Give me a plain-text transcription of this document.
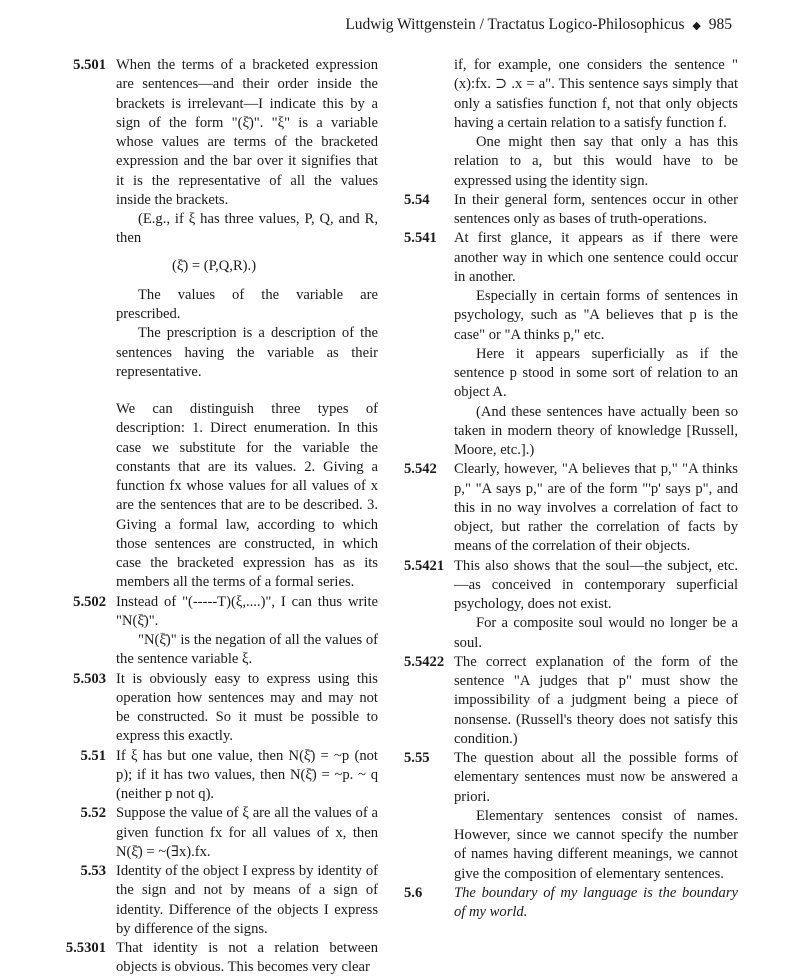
Ludwig Wittgenstein / Tractatus Logico-Philosophicus ◆ 985
5.501 When the terms of a bracketed expression are sentences—and their order inside the brackets is irrelevant—I indicate this by a sign of the form "(ξ̄)". "ξ" is a variable whose values are terms of the bracketed expression and the bar over it signifies that it is the representative of all the values inside the brackets.

(E.g., if ξ has three values, P, Q, and R, then

(ξ̄) = (P,Q,R).)

The values of the variable are prescribed.

The prescription is a description of the sentences having the variable as their representative.

We can distinguish three types of description: 1. Direct enumeration. In this case we substitute for the variable the constants that are its values. 2. Giving a function fx whose values for all values of x are the sentences that are to be described. 3. Giving a formal law, according to which those sentences are constructed, in which case the bracketed expression has as its members all the terms of a formal series.

5.502 Instead of "(-----T)(ξ,....)", I can thus write "N(ξ̄)".

"N(ξ̄)" is the negation of all the values of the sentence variable ξ.

5.503 It is obviously easy to express using this operation how sentences may and may not be constructed. So it must be possible to express this exactly.

5.51 If ξ has but one value, then N(ξ̄) = ~p (not p); if it has two values, then N(ξ̄) = ~p. ~ q (neither p not q).

5.52 Suppose the value of ξ are all the values of a given function fx for all values of x, then N(ξ̄) = ~(∃x).fx.

5.53 Identity of the object I express by identity of the sign and not by means of a sign of identity. Difference of the objects I express by difference of the signs.

5.5301 That identity is not a relation between objects is obvious. This becomes very clear

if, for example, one considers the sentence "(x):fx. ⊃ .x = a". This sentence says simply that only a satisfies function f, not that only objects having a certain relation to a satisfy function f.

One might then say that only a has this relation to a, but this would have to be expressed using the identity sign.

5.54	In their general form, sentences occur in other sentences only as bases of truth-operations.

5.541	At first glance, it appears as if there were another way in which one sentence could occur in another.

Especially in certain forms of sentences in psychology, such as "A believes that p is the case" or "A thinks p," etc.

Here it appears superficially as if the sentence p stood in some sort of relation to an object A.

(And these sentences have actually been so taken in modern theory of knowledge [Russell, Moore, etc.].)

5.542	Clearly, however, "A believes that p," "A thinks p," "A says p," are of the form "'p' says p", and this in no way involves a correlation of fact to object, but rather the correlation of facts by means of the correlation of their objects.

5.5421 This also shows that the soul—the subject, etc.—as conceived in contemporary superficial psychology, does not exist.

For a composite soul would no longer be a soul.

5.5422 The correct explanation of the form of the sentence "A judges that p" must show the impossibility of a judgment being a piece of nonsense. (Russell's theory does not satisfy this condition.)

5.55	The question about all the possible forms of elementary sentences must now be answered a priori.

Elementary sentences consist of names. However, since we cannot specify the number of names having different meanings, we cannot give the composition of elementary sentences.

5.6	The boundary of my language is the boundary of my world.
